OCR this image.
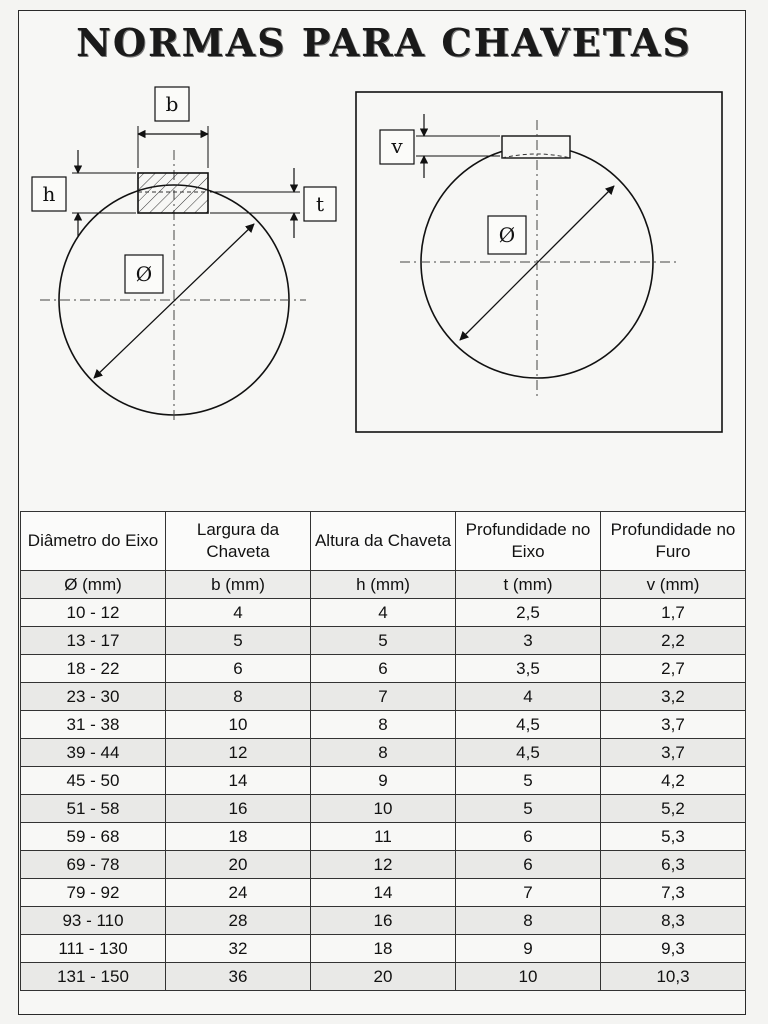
NORMAS PARA CHAVETAS
b
h	t
Ø
v
Ø
Diâmetro do Eixo	Largura da Chaveta	Altura da Chaveta	Profundidade no Eixo	Profundidade no Furo
Ø (mm)	b (mm)	h (mm)	t (mm)	v (mm)
10 - 12	4	4	2,5	1,7
13 - 17	5	5	3	2,2
18 - 22	6	6	3,5	2,7
23 - 30	8	7	4	3,2
31 - 38	10	8	4,5	3,7
39 - 44	12	8	4,5	3,7
45 - 50	14	9	5	4,2
51 - 58	16	10	5	5,2
59 - 68	18	11	6	5,3
69 - 78	20	12	6	6,3
79 - 92	24	14	7	7,3
93 - 110	28	16	8	8,3
111 - 130	32	18	9	9,3
131 - 150	36	20	10	10,3
